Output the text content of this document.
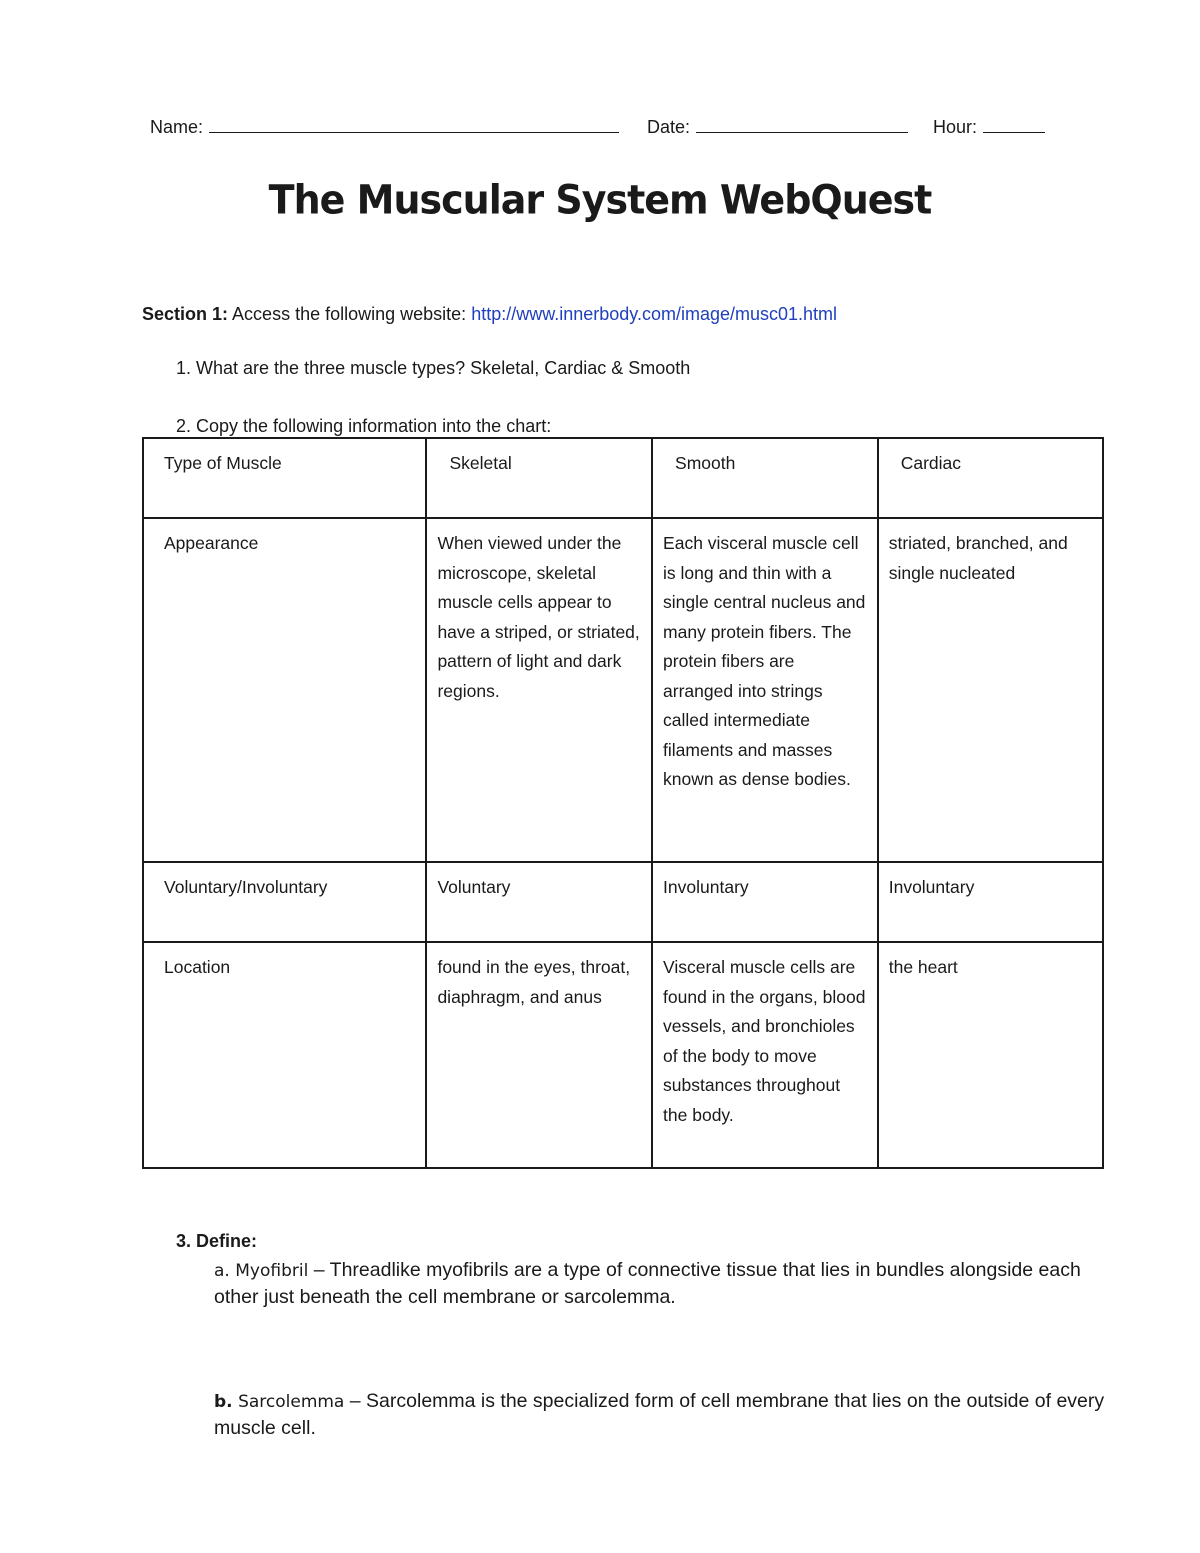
Name:	Date:	Hour:
The Muscular System WebQuest
Section 1: Access the following website: http://www.innerbody.com/image/musc01.html
1. What are the three muscle types? Skeletal, Cardiac & Smooth
2. Copy the following information into the chart:
Type of Muscle	Skeletal	Smooth	Cardiac
Appearance	When viewed under the microscope, skeletal muscle cells appear to have a striped, or striated, pattern of light and dark regions.	Each visceral muscle cell is long and thin with a single central nucleus and many protein fibers. The protein fibers are arranged into strings called intermediate filaments and masses known as dense bodies.	striated, branched, and single nucleated
Voluntary/Involuntary	Voluntary	Involuntary	Involuntary
Location	found in the eyes, throat, diaphragm, and anus	Visceral muscle cells are found in the organs, blood vessels, and bronchioles of the body to move substances throughout the body.	the heart
3. Define:
a. Myofibril – Threadlike myofibrils are a type of connective tissue that lies in bundles alongside each other just beneath the cell membrane or sarcolemma.
b. Sarcolemma – Sarcolemma is the specialized form of cell membrane that lies on the outside of every muscle cell.
